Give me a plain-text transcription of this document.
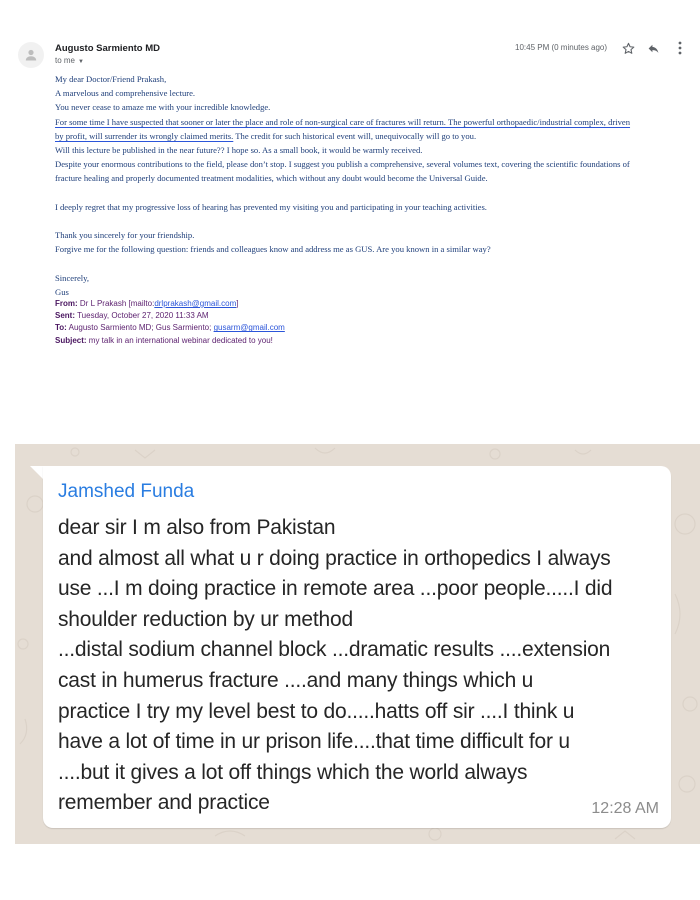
Augusto Sarmiento MD
to me ▼
10:45 PM (0 minutes ago)

My dear Doctor/Friend Prakash,

A marvelous and comprehensive lecture.

You never cease to amaze me with your incredible knowledge.

For some time I have suspected that sooner or later the place and role of non-surgical care of fractures will return. The powerful orthopaedic/industrial complex, driven

by profit, will surrender its wrongly claimed merits. The credit for such historical event will, unequivocally will go to you.

Will this lecture be published in the near future?? I hope so. As a small book, it would be warmly received.

Despite your enormous contributions to the field, please don’t stop. I suggest you publish a comprehensive, several volumes text, covering the scientific foundations of

fracture healing and properly documented treatment modalities, which without any doubt would become the Universal Guide.

I deeply regret that my progressive loss of hearing has prevented my visiting you and participating in your teaching activities.

Thank you sincerely for your friendship.

Forgive me for the following question: friends and colleagues know and address me as GUS. Are you known in a similar way?

Sincerely,

Gus

From: Dr L Prakash [mailto:drlprakash@gmail.com]

Sent: Tuesday, October 27, 2020 11:33 AM

To: Augusto Sarmiento MD; Gus Sarmiento; gusarm@gmail.com

Subject: my talk in an international webinar dedicated to you!

Jamshed Funda

dear sir I m also from Pakistan

and almost all what u r doing practice in orthopedics I always

use ...I m doing practice in remote area ...poor people.....I did

shoulder reduction by ur method

...distal sodium channel block ...dramatic results ....extension

cast in humerus fracture ....and many things which u

practice I try my level best to do.....hatts off sir ....I think u

have a lot of time in ur prison life....that time difficult for u

....but it gives a lot off things which the world always

remember and practice	12:28 AM
